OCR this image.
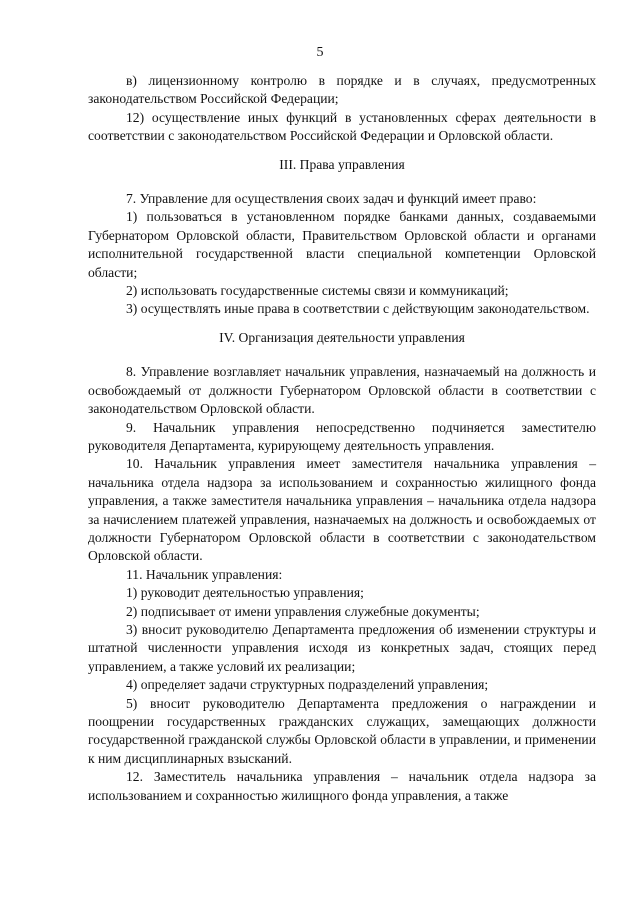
5

в) лицензионному контролю в порядке и в случаях, предусмотренных законодательством Российской Федерации;

12) осуществление иных функций в установленных сферах деятельности в соответствии с законодательством Российской Федерации и Орловской области.

III. Права управления

7. Управление для осуществления своих задач и функций имеет право:

1) пользоваться в установленном порядке банками данных, создаваемыми Губернатором Орловской области, Правительством Орловской области и органами исполнительной государственной власти специальной компетенции Орловской области;

2) использовать государственные системы связи и коммуникаций;

3) осуществлять иные права в соответствии с действующим законодательством.

IV. Организация деятельности управления

8. Управление возглавляет начальник управления, назначаемый на должность и освобождаемый от должности Губернатором Орловской области в соответствии с законодательством Орловской области.

9. Начальник управления непосредственно подчиняется заместителю руководителя Департамента, курирующему деятельность управления.

10. Начальник управления имеет заместителя начальника управления – начальника отдела надзора за использованием и сохранностью жилищного фонда управления, а также заместителя начальника управления – начальника отдела надзора за начислением платежей управления, назначаемых на должность и освобождаемых от должности Губернатором Орловской области в соответствии с законодательством Орловской области.

11. Начальник управления:

1) руководит деятельностью управления;

2) подписывает от имени управления служебные документы;

3) вносит руководителю Департамента предложения об изменении структуры и штатной численности управления исходя из конкретных задач, стоящих перед управлением, а также условий их реализации;

4) определяет задачи структурных подразделений управления;

5) вносит руководителю Департамента предложения о награждении и поощрении государственных гражданских служащих, замещающих должности государственной гражданской службы Орловской области в управлении, и применении к ним дисциплинарных взысканий.

12. Заместитель начальника управления – начальник отдела надзора за использованием и сохранностью жилищного фонда управления, а также
